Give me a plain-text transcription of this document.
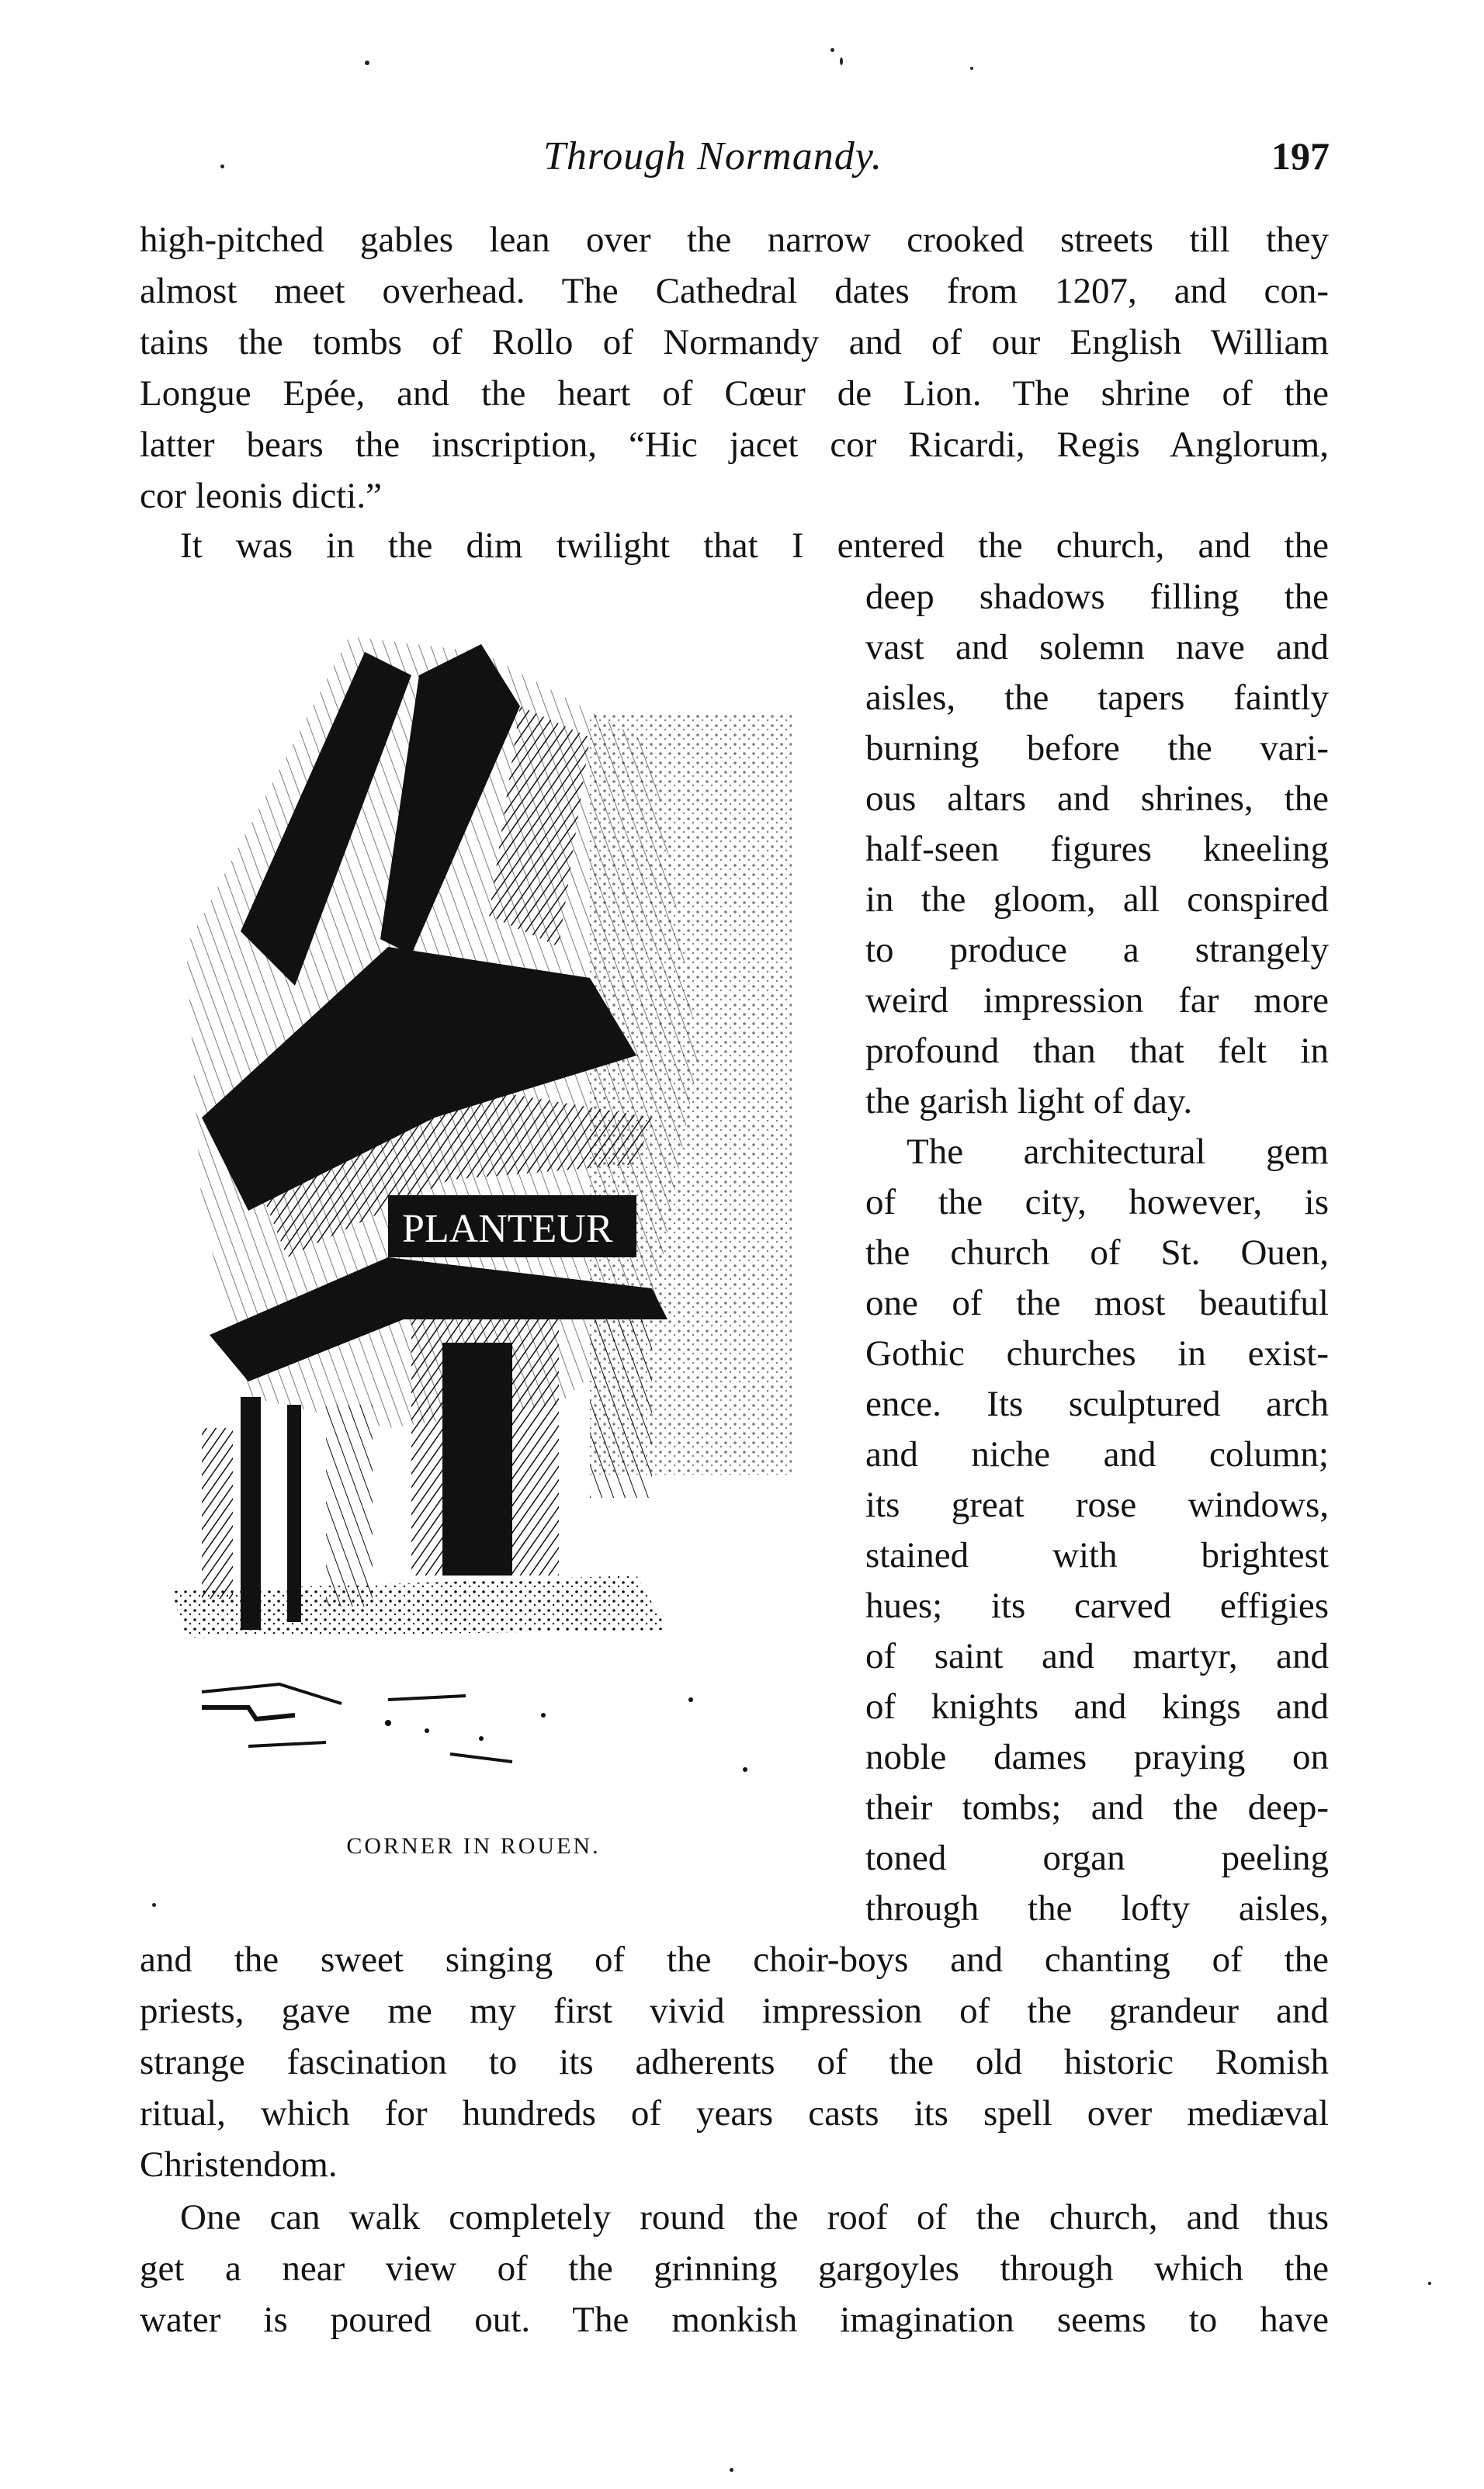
Through Normandy.	197
high-pitched gables lean over the narrow crooked streets till they
almost meet overhead. The Cathedral dates from 1207, and con-
tains the tombs of Rollo of Normandy and of our English William
Longue Epée, and the heart of Cœur de Lion. The shrine of the
latter bears the inscription, “Hic jacet cor Ricardi, Regis Anglorum,
cor leonis dicti.”
It was in the dim twilight that I entered the church, and the
deep shadows filling the
vast and solemn nave and
aisles, the tapers faintly
burning before the vari-
ous altars and shrines, the
half-seen figures kneeling
in the gloom, all conspired
to produce a strangely
weird impression far more
profound than that felt in
the garish light of day.
The architectural gem
of the city, however, is
the church of St. Ouen,
one of the most beautiful
Gothic churches in exist-
ence. Its sculptured arch
and niche and column;
its great rose windows,
stained with brightest
hues; its carved effigies
of saint and martyr, and
of knights and kings and
noble dames praying on
their tombs; and the deep-
toned organ peeling
through the lofty aisles,
and the sweet singing of the choir-boys and chanting of the
priests, gave me my first vivid impression of the grandeur and
strange fascination to its adherents of the old historic Romish
ritual, which for hundreds of years casts its spell over mediæval
Christendom.
One can walk completely round the roof of the church, and thus
get a near view of the grinning gargoyles through which the
water is poured out. The monkish imagination seems to have
PLANTEUR
CORNER IN ROUEN.
